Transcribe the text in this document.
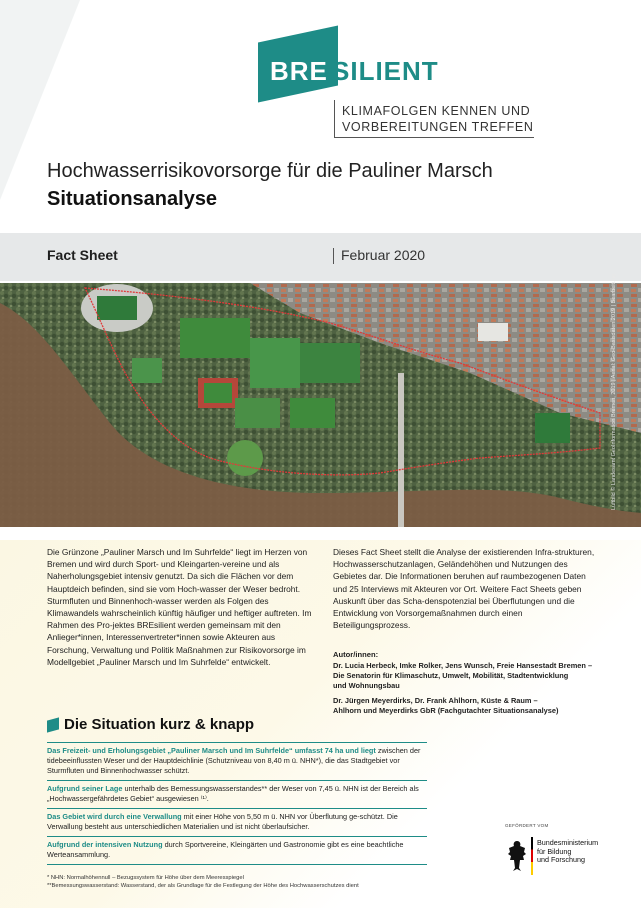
BRE SILIENT
KLIMAFOLGEN KENNEN UND
VORBEREITUNGEN TREFFEN
Hochwasserrisikovorsorge für die Pauliner Marsch
Situationsanalyse
Fact Sheet	Februar 2020
Luftbild © Landesamt GeoInformation Bremen, 2019 | Aerial: Geo-Basisdaten 2019 | Bearbeitung
Die Grünzone „Pauliner Marsch und Im Suhrfelde“ liegt im Herzen von Bremen und wird durch Sport- und Kleingarten-vereine und als Naherholungsgebiet intensiv genutzt. Da sich die Flächen vor dem Hauptdeich befinden, sind sie vom Hoch-wasser der Weser bedroht. Sturmfluten und Binnenhoch-wasser werden als Folgen des Klimawandels wahrscheinlich künftig häufiger und heftiger auftreten. Im Rahmen des Pro-jektes BREsilient werden gemeinsam mit den Anlieger*innen, Interessenvertreter*innen sowie Akteuren aus Forschung, Verwaltung und Politik Maßnahmen zur Risikovorsorge im Modellgebiet „Pauliner Marsch und Im Suhrfelde“ entwickelt.
Dieses Fact Sheet stellt die Analyse der existierenden Infra-strukturen, Hochwasserschutzanlagen, Geländehöhen und Nutzungen des Gebietes dar. Die Informationen beruhen auf raumbezogenen Daten und 25 Interviews mit Akteuren vor Ort. Weitere Fact Sheets geben Auskunft über das Scha-denspotenzial bei Überflutungen und die Entwicklung von Vorsorgemaßnahmen durch einen Beteiligungsprozess.
Autor/innen:
Dr. Lucia Herbeck, Imke Rolker, Jens Wunsch, Freie Hansestadt Bremen –
Die Senatorin für Klimaschutz, Umwelt, Mobilität, Stadtentwicklung
und Wohnungsbau
Dr. Jürgen Meyerdirks, Dr. Frank Ahlhorn, Küste & Raum –
Ahlhorn und Meyerdirks GbR (Fachgutachter Situationsanalyse)
Die Situation kurz & knapp
Das Freizeit- und Erholungsgebiet „Pauliner Marsch und Im Suhrfelde“ umfasst 74 ha und liegt zwischen der tidebeeinflussten Weser und der Hauptdeichlinie (Schutzniveau von 8,40 m ü. NHN*), die das Stadtgebiet vor Sturmfluten und Binnenhochwasser schützt.
Aufgrund seiner Lage unterhalb des Bemessungswasserstandes** der Weser von 7,45 ü. NHN ist der Bereich als „Hochwassergefährdetes Gebiet“ ausgewiesen ⁽¹⁾.
Das Gebiet wird durch eine Verwallung mit einer Höhe von 5,50 m ü. NHN vor Überflutung ge-schützt. Die Verwallung besteht aus unterschiedlichen Materialien und ist nicht überlaufsicher.
Aufgrund der intensiven Nutzung durch Sportvereine, Kleingärten und Gastronomie gibt es eine beachtliche Werteansammlung.
* NHN: Normalhöhennull – Bezugssystem für Höhe über dem Meeresspiegel
**Bemessungswasserstand: Wasserstand, der als Grundlage für die Festlegung der Höhe des Hochwasserschutzes dient
GEFÖRDERT VOM
Bundesministerium
für Bildung
und Forschung
